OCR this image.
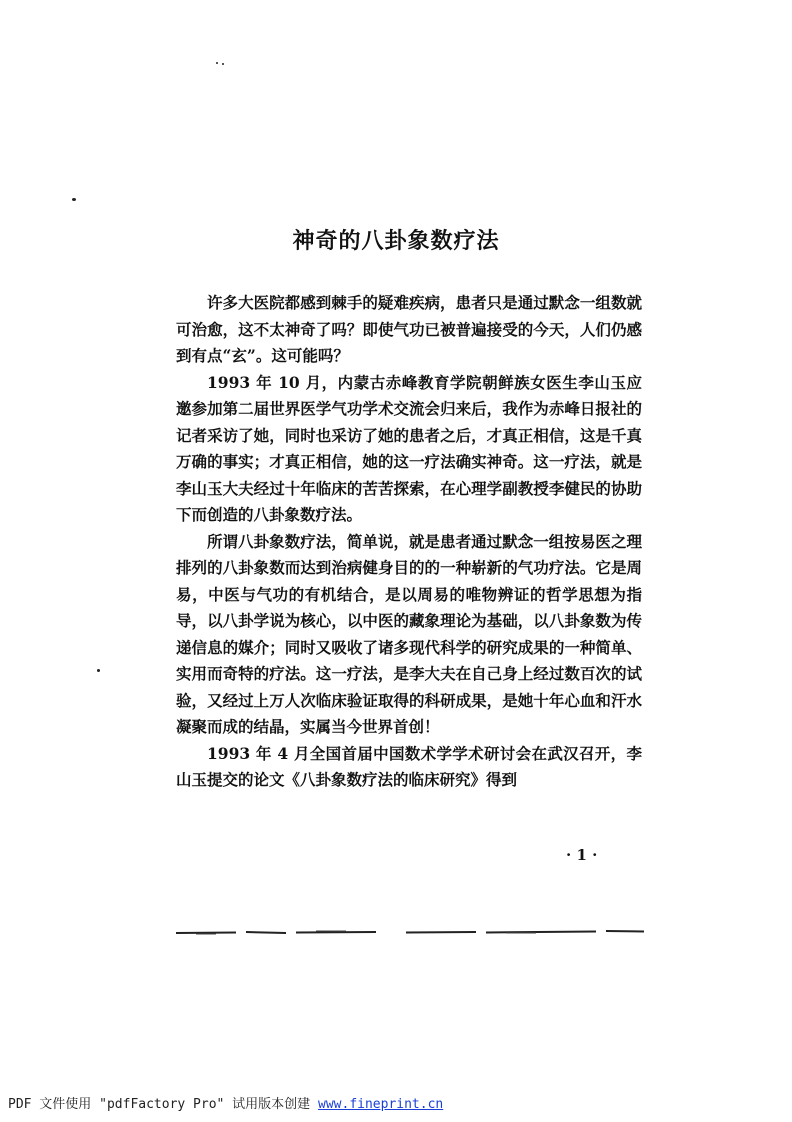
神奇的八卦象数疗法

许多大医院都感到棘手的疑难疾病，患者只是通过默念一组数就可治愈，这不太神奇了吗？即使气功已被普遍接受的今天，人们仍感到有点“玄”。这可能吗？

1993 年 10 月，内蒙古赤峰教育学院朝鲜族女医生李山玉应邀参加第二届世界医学气功学术交流会归来后，我作为赤峰日报社的记者采访了她，同时也采访了她的患者之后，才真正相信，这是千真万确的事实；才真正相信，她的这一疗法确实神奇。这一疗法，就是李山玉大夫经过十年临床的苦苦探索，在心理学副教授李健民的协助下而创造的八卦象数疗法。

所谓八卦象数疗法，简单说，就是患者通过默念一组按易医之理排列的八卦象数而达到治病健身目的的一种崭新的气功疗法。它是周易，中医与气功的有机结合，是以周易的唯物辨证的哲学思想为指导，以八卦学说为核心，以中医的藏象理论为基础，以八卦象数为传递信息的媒介；同时又吸收了诸多现代科学的研究成果的一种简单、实用而奇特的疗法。这一疗法，是李大夫在自己身上经过数百次的试验，又经过上万人次临床验证取得的科研成果，是她十年心血和汗水凝聚而成的结晶，实属当今世界首创！

1993 年 4 月全国首届中国数术学学术研讨会在武汉召开，李山玉提交的论文《八卦象数疗法的临床研究》得到

· 1 ·
PDF 文件使用 "pdfFactory Pro" 试用版本创建 www.fineprint.cn
